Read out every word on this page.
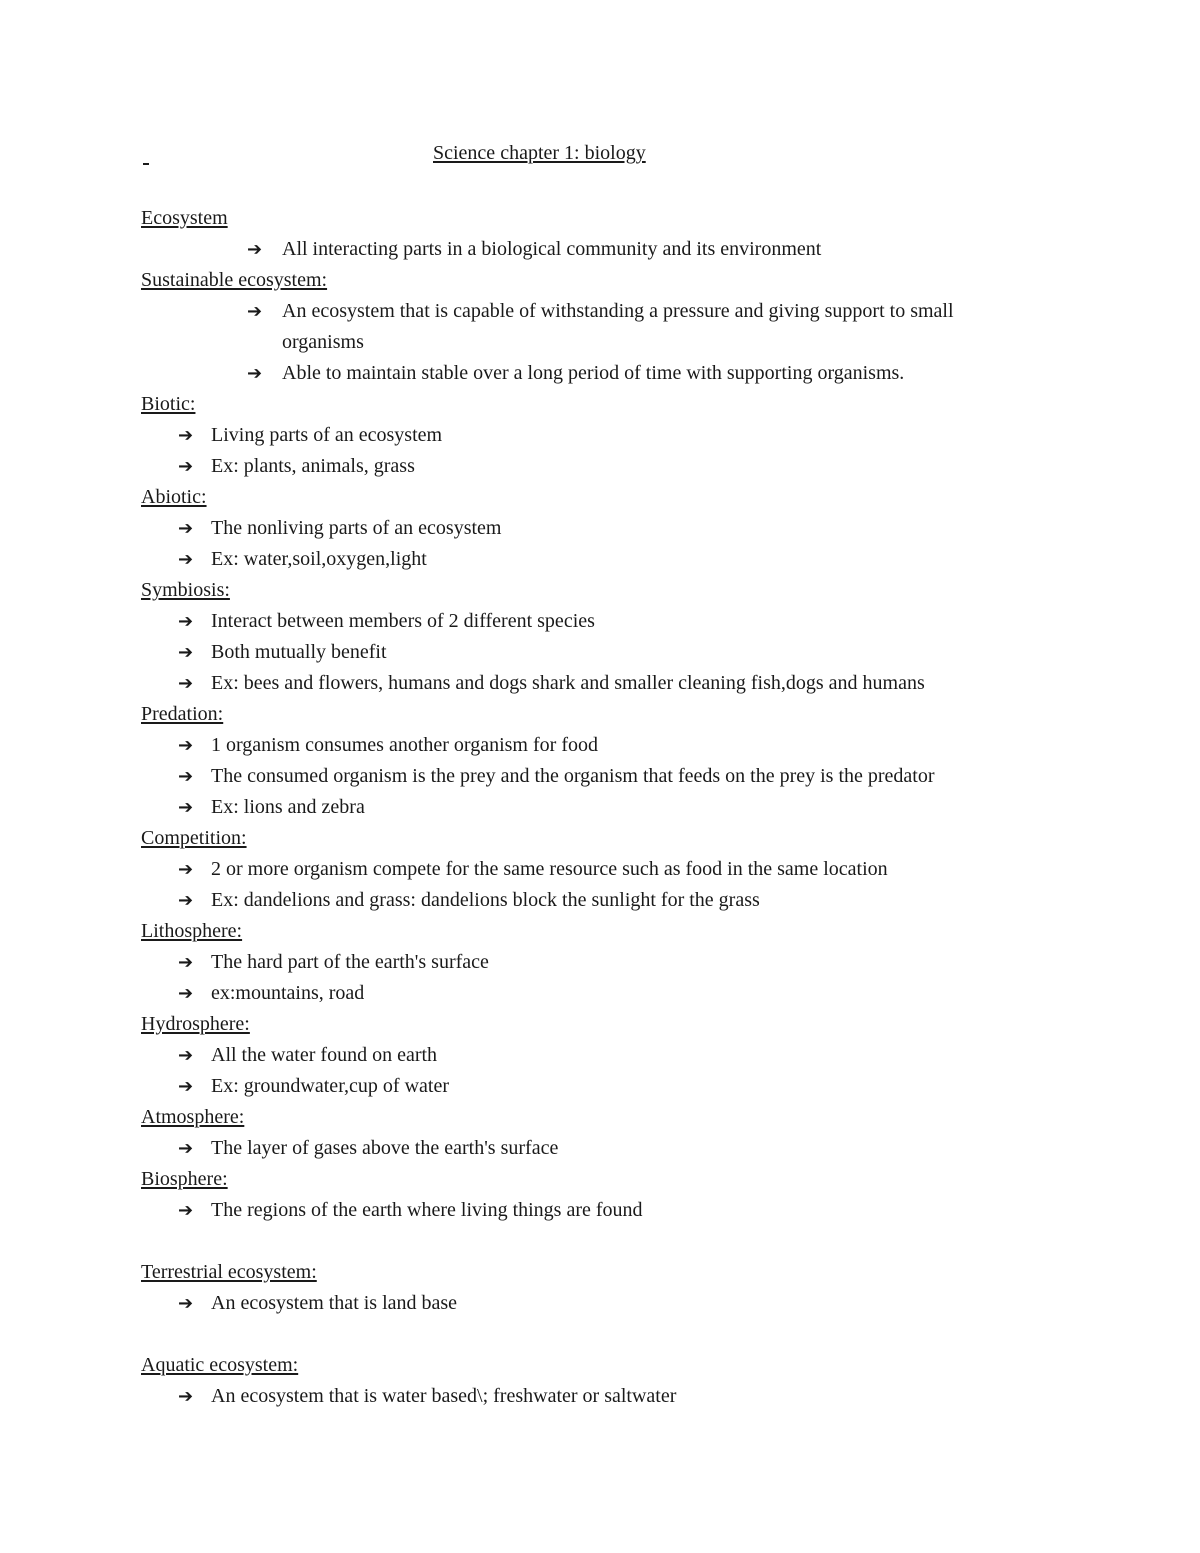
Science chapter 1: biology
Ecosystem
➔ All interacting parts in a biological community and its environment
Sustainable ecosystem:
➔ An ecosystem that is capable of withstanding a pressure and giving support to small
organisms
➔ Able to maintain stable over a long period of time with supporting organisms.
Biotic:
➔ Living parts of an ecosystem
➔ Ex: plants, animals, grass
Abiotic:
➔ The nonliving parts of an ecosystem
➔ Ex: water,soil,oxygen,light
Symbiosis:
➔ Interact between members of 2 different species
➔ Both mutually benefit
➔ Ex: bees and flowers, humans and dogs shark and smaller cleaning fish,dogs and humans
Predation:
➔ 1 organism consumes another organism for food
➔ The consumed organism is the prey and the organism that feeds on the prey is the predator
➔ Ex: lions and zebra
Competition:
➔ 2 or more organism compete for the same resource such as food in the same location
➔ Ex: dandelions and grass: dandelions block the sunlight for the grass
Lithosphere:
➔ The hard part of the earth's surface
➔ ex:mountains, road
Hydrosphere:
➔ All the water found on earth
➔ Ex: groundwater,cup of water
Atmosphere:
➔ The layer of gases above the earth's surface
Biosphere:
➔ The regions of the earth where living things are found
Terrestrial ecosystem:
➔ An ecosystem that is land base
Aquatic ecosystem:
➔ An ecosystem that is water based\; freshwater or saltwater
